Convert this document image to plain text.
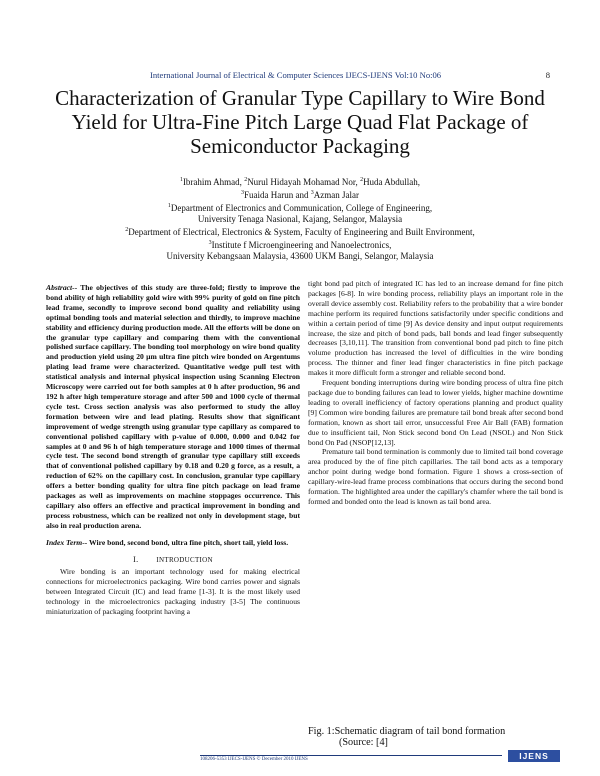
International Journal of Electrical & Computer Sciences IJECS-IJENS Vol:10 No:06	8
Characterization of Granular Type Capillary to Wire Bond Yield for Ultra-Fine Pitch Large Quad Flat Package of Semiconductor Packaging
$^1$Ibrahim Ahmad, $^2$Nurul Hidayah Mohamad Nor, $^2$Huda Abdullah,
$^3$Fuaida Harun and $^3$Azman Jalar
$^1$Department of Electronics and Communication, College of Engineering,
University Tenaga Nasional, Kajang, Selangor, Malaysia
$^2$Department of Electrical, Electronics & System, Faculty of Engineering and Built Environment,
$^3$Institute f Microengineering and Nanoelectronics,
University Kebangsaan Malaysia, 43600 UKM Bangi, Selangor, Malaysia

Abstract-- The objectives of this study are three-fold; firstly to improve the bond ability of high reliability gold wire with 99% purity of gold on fine pitch lead frame, secondly to improve second bond quality and reliability using optimal bonding tools and material selection and thirdly, to improve machine stability and efficiency during production mode. All the efforts will be done on the granular type capillary and comparing them with the conventional polished surface capillary. The bonding tool morphology on wire bond quality and production yield using 20 µm ultra fine pitch wire bonded on Argentums plating lead frame were characterized. Quantitative wedge pull test with statistical analysis and internal physical inspection using Scanning Electron Microscopy were carried out for both samples at 0 h after production, 96 and 192 h after high temperature storage and after 500 and 1000 cycle of thermal cycle test. Cross section analysis was also performed to study the alloy formation between wire and lead plating. Results show that significant improvement of wedge strength using granular type capillary as compared to conventional polished capillary with p-value of 0.000, 0.000 and 0.042 for samples at 0 and 96 h of high temperature storage and 1000 times of thermal cycle test. The second bond strength of granular type capillary still exceeds that of conventional polished capillary by 0.18 and 0.20 g force, as a result, a reduction of 62% on the capillary cost. In conclusion, granular type capillary offers a better bonding quality for ultra fine pitch package on lead frame packages as well as improvements on machine stoppages occurrence. This capillary also offers an effective and practical improvement in bonding and process robustness, which can be realized not only in development stage, but also in real production arena.

Index Term-- Wire bond, second bond, ultra fine pitch, short tail, yield loss.

I.	INTRODUCTION

Wire bonding is an important technology used for making electrical connections for microelectronics packaging. Wire bond carries power and signals between Integrated Circuit (IC) and lead frame [1-3]. It is the most likely used technology in the microelectronics packaging industry [3-5] The continuous miniaturization of packaging footprint having a

tight bond pad pitch of integrated IC has led to an increase demand for fine pitch packages [6-8]. In wire bonding process, reliability plays an important role in the overall device assembly cost. Reliability refers to the probability that a wire bonder machine perform its required functions satisfactorily under specific conditions and within a certain period of time [9] As device density and input output requirements increase, the size and pitch of bond pads, ball bonds and lead finger subsequently decreases [3,10,11]. The transition from conventional bond pad pitch to fine pitch volume production has increased the level of difficulties in the wire bonding process. The thinner and finer lead finger characteristics in fine pitch package makes it more difficult form a stronger and reliable second bond.

Frequent bonding interruptions during wire bonding process of ultra fine pitch package due to bonding failures can lead to lower yields, higher machine downtime leading to overall inefficiency of factory operations planning and product quality [9] Common wire bonding failures are premature tail bond break after second bond formation, known as short tail error, unsuccessful Free Air Ball (FAB) formation due to insufficient tail, Non Stick second bond On Lead (NSOL) and Non Stick bond On Pad (NSOP[12,13].

Premature tail bond termination is commonly due to limited tail bond coverage area produced by the of fine pitch capillaries. The tail bond acts as a temporary anchor point during wedge bond formation. Figure 1 shows a cross-section of capillary-wire-lead frame process combinations that occurs during the second bond formation. The highlighted area under the capillary's chamfer where the tail bond is formed and bonded onto the lead is known as tail bond area.

Fig. 1:Schematic diagram of tail bond formation
(Source: [4]
108206-5353 IJECS-IJENS © December 2010 IJENS	IJENS
